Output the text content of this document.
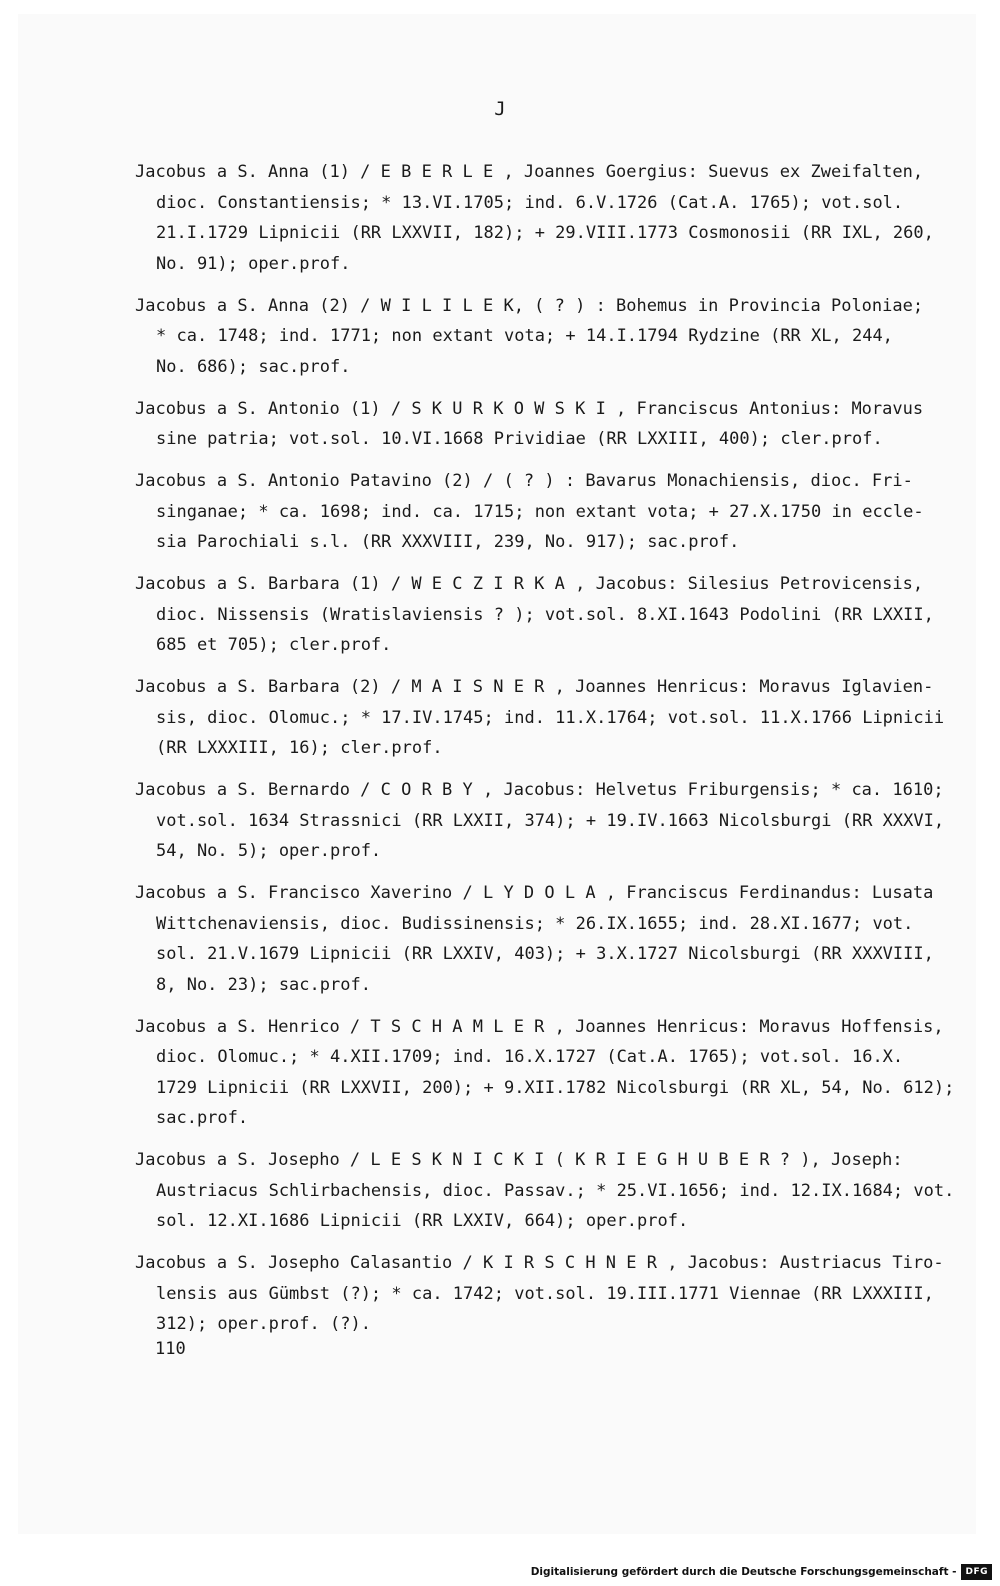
J
Jacobus a S. Anna (1) / E B E R L E , Joannes Goergius: Suevus ex Zweifalten,
dioc. Constantiensis; * 13.VI.1705; ind. 6.V.1726 (Cat.A. 1765); vot.sol.
21.I.1729 Lipnicii (RR LXXVII, 182); + 29.VIII.1773 Cosmonosii (RR IXL, 260,
No. 91); oper.prof.
Jacobus a S. Anna (2) / W I L I L E K, ( ? ) : Bohemus in Provincia Poloniae;
* ca. 1748; ind. 1771; non extant vota; + 14.I.1794 Rydzine (RR XL, 244,
No. 686); sac.prof.
Jacobus a S. Antonio (1) / S K U R K O W S K I , Franciscus Antonius: Moravus
sine patria; vot.sol. 10.VI.1668 Prividiae (RR LXXIII, 400); cler.prof.
Jacobus a S. Antonio Patavino (2) / ( ? ) : Bavarus Monachiensis, dioc. Fri-
singanae; * ca. 1698; ind. ca. 1715; non extant vota; + 27.X.1750 in eccle-
sia Parochiali s.l. (RR XXXVIII, 239, No. 917); sac.prof.
Jacobus a S. Barbara (1) / W E C Z I R K A , Jacobus: Silesius Petrovicensis,
dioc. Nissensis (Wratislaviensis ? ); vot.sol. 8.XI.1643 Podolini (RR LXXII,
685 et 705); cler.prof.
Jacobus a S. Barbara (2) / M A I S N E R , Joannes Henricus: Moravus Iglavien-
sis, dioc. Olomuc.; * 17.IV.1745; ind. 11.X.1764; vot.sol. 11.X.1766 Lipnicii
(RR LXXXIII, 16); cler.prof.
Jacobus a S. Bernardo / C O R B Y , Jacobus: Helvetus Friburgensis; * ca. 1610;
vot.sol. 1634 Strassnici (RR LXXII, 374); + 19.IV.1663 Nicolsburgi (RR XXXVI,
54, No. 5); oper.prof.
Jacobus a S. Francisco Xaverino / L Y D O L A , Franciscus Ferdinandus: Lusata
Wittchenaviensis, dioc. Budissinensis; * 26.IX.1655; ind. 28.XI.1677; vot.
sol. 21.V.1679 Lipnicii (RR LXXIV, 403); + 3.X.1727 Nicolsburgi (RR XXXVIII,
8, No. 23); sac.prof.
Jacobus a S. Henrico / T S C H A M L E R , Joannes Henricus: Moravus Hoffensis,
dioc. Olomuc.; * 4.XII.1709; ind. 16.X.1727 (Cat.A. 1765); vot.sol. 16.X.
1729 Lipnicii (RR LXXVII, 200); + 9.XII.1782 Nicolsburgi (RR XL, 54, No. 612);
sac.prof.
Jacobus a S. Josepho / L E S K N I C K I ( K R I E G H U B E R ? ), Joseph:
Austriacus Schlirbachensis, dioc. Passav.; * 25.VI.1656; ind. 12.IX.1684; vot.
sol. 12.XI.1686 Lipnicii (RR LXXIV, 664); oper.prof.
Jacobus a S. Josepho Calasantio / K I R S C H N E R , Jacobus: Austriacus Tiro-
lensis aus Gümbst (?); * ca. 1742; vot.sol. 19.III.1771 Viennae (RR LXXXIII,
312); oper.prof. (?).
110
Digitalisierung gefördert durch die Deutsche Forschungsgemeinschaft -	DFG
